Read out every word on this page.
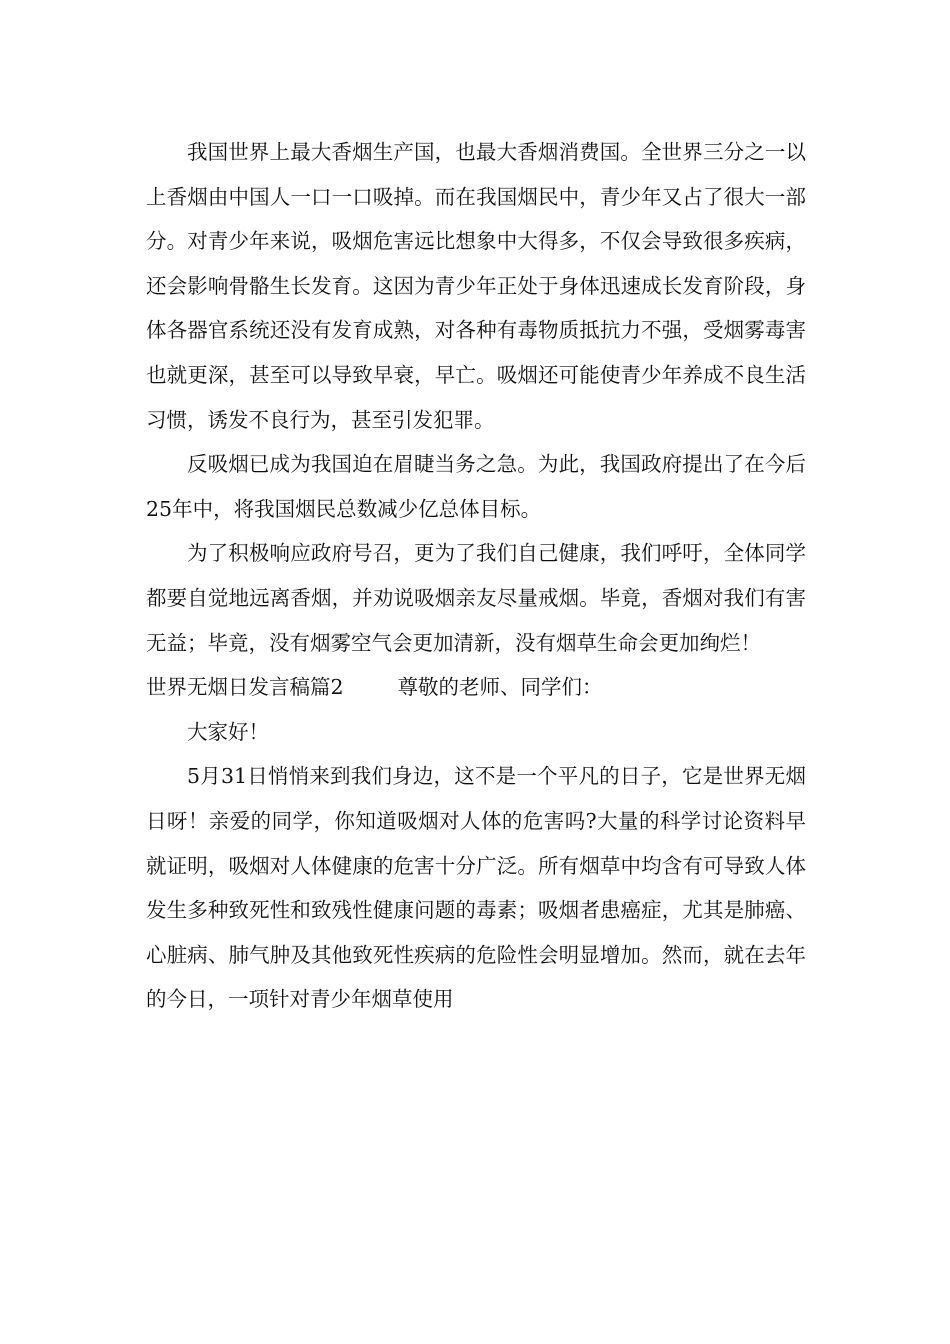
我国世界上最大香烟生产国，也最大香烟消费国。全世界三分之一以上香烟由中国人一口一口吸掉。而在我国烟民中，青少年又占了很大一部分。对青少年来说，吸烟危害远比想象中大得多，不仅会导致很多疾病，还会影响骨骼生长发育。这因为青少年正处于身体迅速成长发育阶段，身体各器官系统还没有发育成熟，对各种有毒物质抵抗力不强，受烟雾毒害也就更深，甚至可以导致早衰，早亡。吸烟还可能使青少年养成不良生活习惯，诱发不良行为，甚至引发犯罪。

反吸烟已成为我国迫在眉睫当务之急。为此，我国政府提出了在今后25年中，将我国烟民总数减少亿总体目标。

为了积极响应政府号召，更为了我们自己健康，我们呼吁，全体同学都要自觉地远离香烟，并劝说吸烟亲友尽量戒烟。毕竟，香烟对我们有害无益；毕竟，没有烟雾空气会更加清新，没有烟草生命会更加绚烂！

世界无烟日发言稿篇2	尊敬的老师、同学们：

大家好！

5月31日悄悄来到我们身边，这不是一个平凡的日子，它是世界无烟日呀！亲爱的同学，你知道吸烟对人体的危害吗?大量的科学讨论资料早就证明，吸烟对人体健康的危害十分广泛。所有烟草中均含有可导致人体发生多种致死性和致残性健康问题的毒素；吸烟者患癌症，尤其是肺癌、心脏病、肺气肿及其他致死性疾病的危险性会明显增加。然而，就在去年的今日，一项针对青少年烟草使用
